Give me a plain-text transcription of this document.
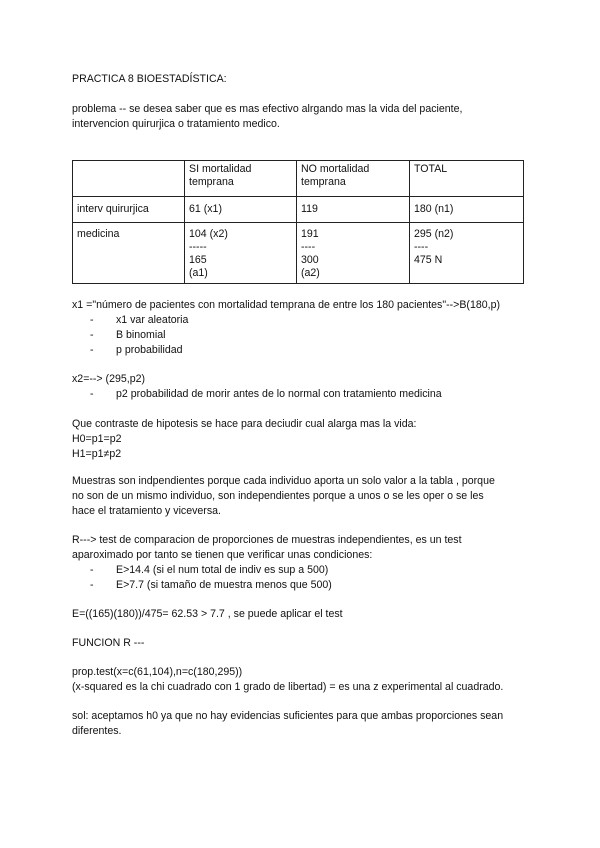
PRACTICA 8 BIOESTADÍSTICA:

problema -- se desea saber que es mas efectivo alrgando mas la vida del paciente,

intervencion quirurjica o tratamiento medico.

	SI mortalidad
temprana	NO mortalidad
temprana	TOTAL

interv quirurjica	61 (x1)	119	180 (n1)
medicina	104 (x2)
-----
165
(a1)	191
----
300
(a2)	295 (n2)
----
475 N

x1 ="número de pacientes con mortalidad temprana de entre los 180 pacientes"-->B(180,p)

- x1 var aleatoria

- B binomial

- p probabilidad

x2=--> (295,p2)

- p2 probabilidad de morir antes de lo normal con tratamiento medicina

Que contraste de hipotesis se hace para deciudir cual alarga mas la vida:

H0=p1=p2

H1=p1≠p2

Muestras son indpendientes porque cada individuo aporta un solo valor a la tabla , porque

no son de un mismo individuo, son independientes porque a unos o se les oper o se les

hace el tratamiento y viceversa.

R---> test de comparacion de proporciones de muestras independientes, es un test

aparoximado por tanto se tienen que verificar unas condiciones:

- E>14.4 (si el num total de indiv es sup a 500)

- E>7.7 (si tamaño de muestra menos que 500)

E=((165)(180))/475= 62.53 > 7.7 , se puede aplicar el test

FUNCION R ---

prop.test(x=c(61,104),n=c(180,295))

(x-squared es la chi cuadrado con 1 grado de libertad) = es una z experimental al cuadrado.

sol: aceptamos h0 ya que no hay evidencias suficientes para que ambas proporciones sean

diferentes.
